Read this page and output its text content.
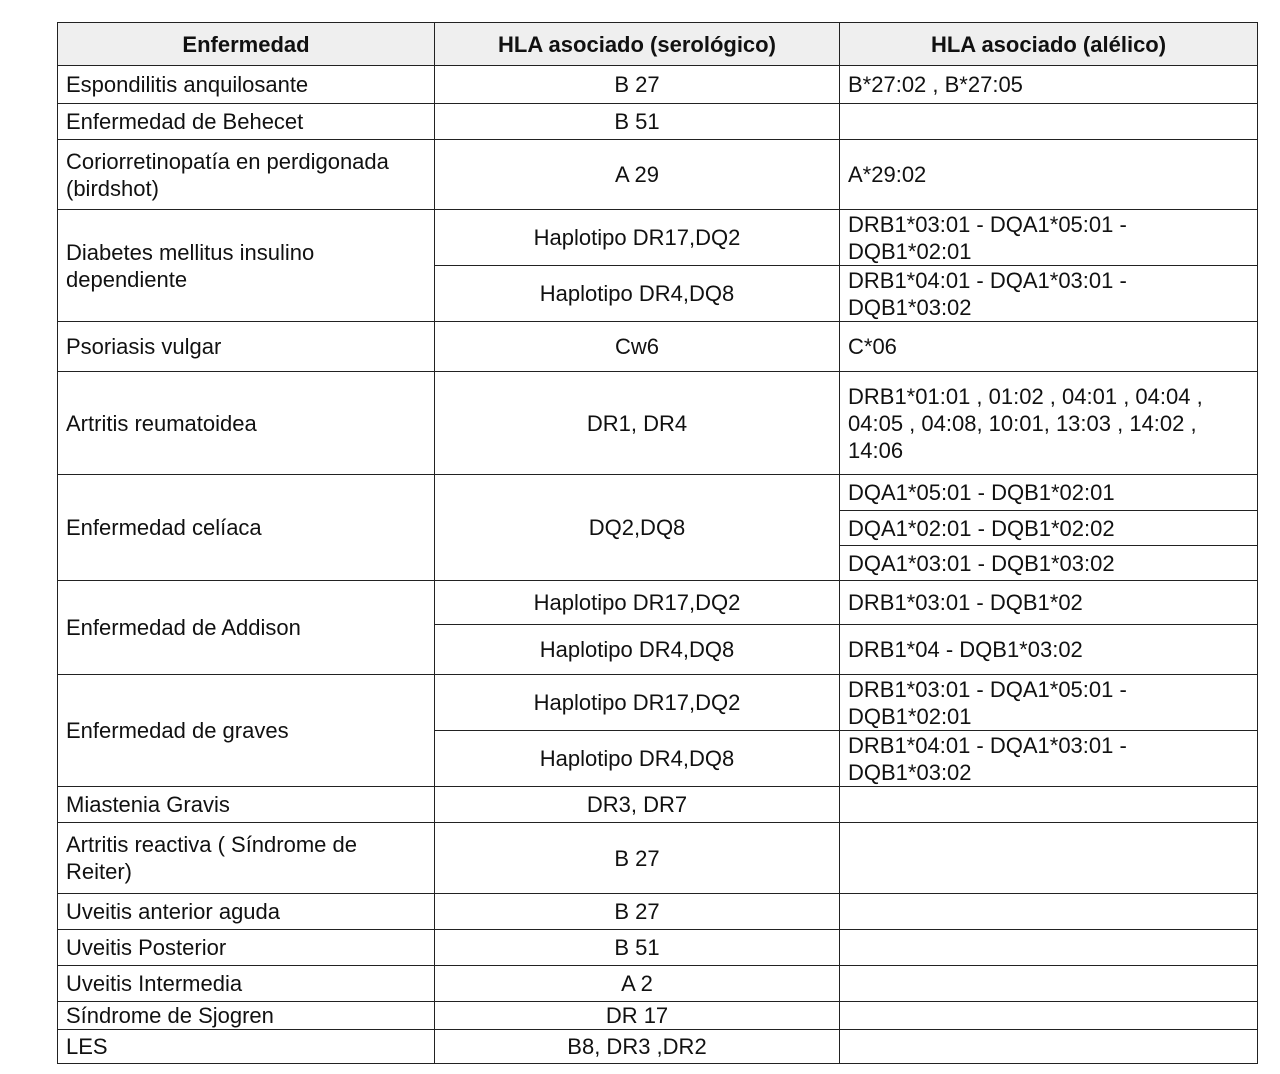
Enfermedad	HLA asociado (serológico)	HLA asociado (alélico)
Espondilitis anquilosante	B 27	B*27:02 , B*27:05
Enfermedad de Behecet	B 51	
Coriorretinopatía en perdigonada (birdshot)	A 29	A*29:02
Diabetes mellitus insulino dependiente	Haplotipo DR17,DQ2	DRB1*03:01 - DQA1*05:01 - DQB1*02:01
	Haplotipo DR4,DQ8	DRB1*04:01 - DQA1*03:01 - DQB1*03:02
Psoriasis vulgar	Cw6	C*06
Artritis reumatoidea	DR1, DR4	DRB1*01:01 , 01:02 , 04:01 , 04:04 , 04:05 , 04:08, 10:01, 13:03 , 14:02 , 14:06
Enfermedad celíaca	DQ2,DQ8	DQA1*05:01 - DQB1*02:01
		DQA1*02:01 - DQB1*02:02
		DQA1*03:01 - DQB1*03:02
Enfermedad de Addison	Haplotipo DR17,DQ2	DRB1*03:01 - DQB1*02
	Haplotipo DR4,DQ8	DRB1*04 - DQB1*03:02
Enfermedad de graves	Haplotipo DR17,DQ2	DRB1*03:01 - DQA1*05:01 - DQB1*02:01
	Haplotipo DR4,DQ8	DRB1*04:01 - DQA1*03:01 - DQB1*03:02
Miastenia Gravis	DR3, DR7	
Artritis reactiva ( Síndrome de Reiter)	B 27	
Uveitis anterior aguda	B 27	
Uveitis Posterior	B 51	
Uveitis Intermedia	A 2	
Síndrome de Sjogren	DR 17	
LES	B8, DR3 ,DR2	
